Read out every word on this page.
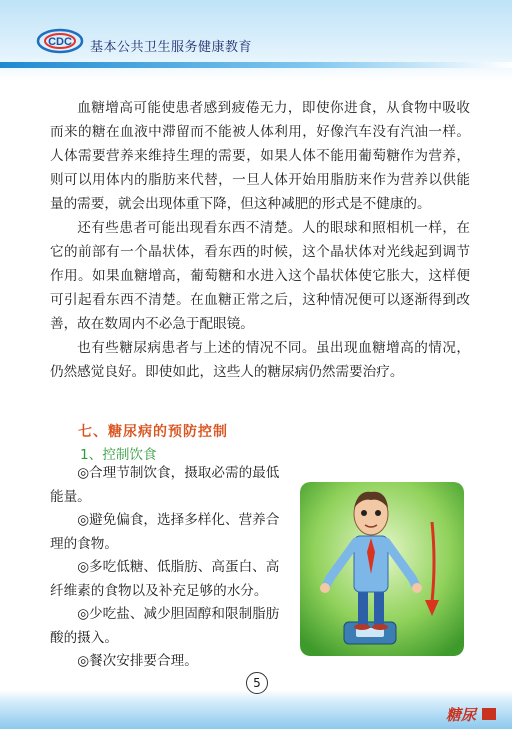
CDC 基本公共卫生服务健康教育

血糖增高可能使患者感到疲倦无力，即使你进食，从食物中吸收而来的糖在血液中滞留而不能被人体利用，好像汽车没有汽油一样。人体需要营养来维持生理的需要，如果人体不能用葡萄糖作为营养，则可以用体内的脂肪来代替，一旦人体开始用脂肪来作为营养以供能量的需要，就会出现体重下降，但这种减肥的形式是不健康的。

还有些患者可能出现看东西不清楚。人的眼球和照相机一样，在它的前部有一个晶状体，看东西的时候，这个晶状体对光线起到调节作用。如果血糖增高，葡萄糖和水进入这个晶状体使它胀大，这样便可引起看东西不清楚。在血糖正常之后，这种情况便可以逐渐得到改善，故在数周内不必急于配眼镜。

也有些糖尿病患者与上述的情况不同。虽出现血糖增高的情况，仍然感觉良好。即使如此，这些人的糖尿病仍然需要治疗。

七、糖尿病的预防控制
1、控制饮食

◎合理节制饮食，摄取必需的最低能量。

◎避免偏食，选择多样化、营养合理的食物。

◎多吃低糖、低脂肪、高蛋白、高纤维素的食物以及补充足够的水分。

◎少吃盐、减少胆固醇和限制脂肪酸的摄入。

◎餐次安排要合理。

5
糖尿
